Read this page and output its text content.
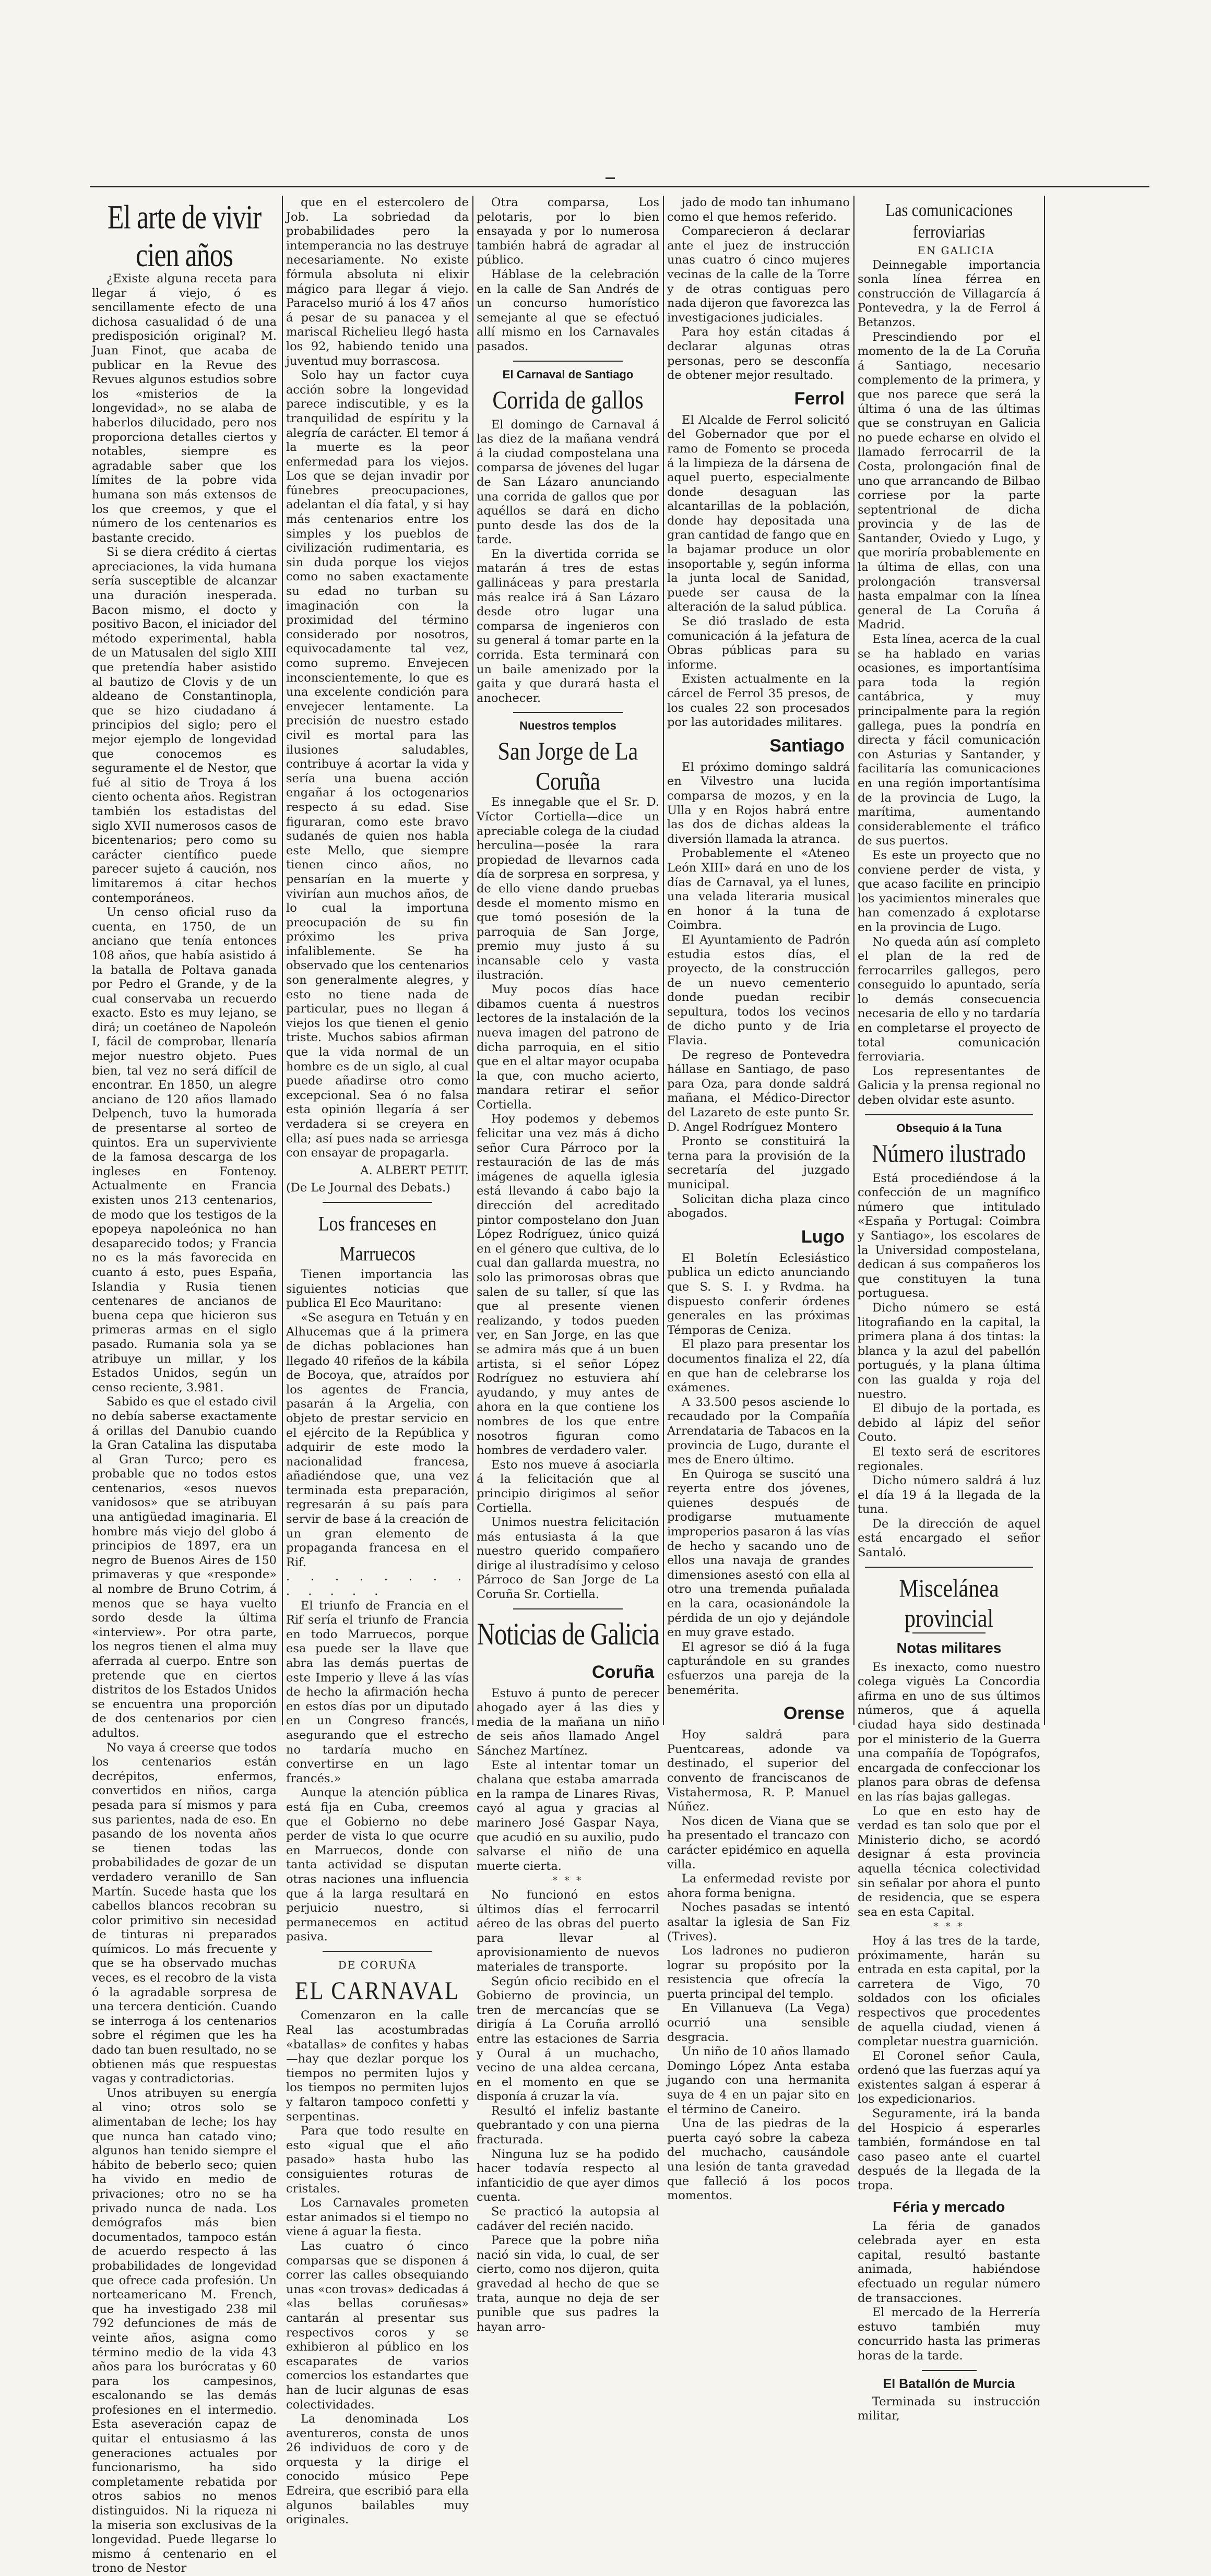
El arte de vivir cien años

¿Existe alguna receta para llegar á viejo, ó es sencillamente efecto de una dichosa casualidad ó de una predisposición original? M. Juan Finot, que acaba de publicar en la Revue des Revues algunos estudios sobre los «misterios de la longevidad», no se alaba de haberlos dilucidado, pero nos proporciona detalles ciertos y notables, siempre es agradable saber que los límites de la pobre vida humana son más extensos de los que creemos, y que el número de los centenarios es bastante crecido.

Si se diera crédito á ciertas apreciaciones, la vida humana sería susceptible de alcanzar una duración inesperada. Bacon mismo, el docto y positivo Bacon, el iniciador del método experimental, habla de un Matusalen del siglo XIII que pretendía haber asistido al bautizo de Clovis y de un aldeano de Constantinopla, que se hizo ciudadano á principios del siglo; pero el mejor ejemplo de longevidad que conocemos es seguramente el de Nestor, que fué al sitio de Troya á los ciento ochenta años. Registran también los estadistas del siglo XVII numerosos casos de bicentenarios; pero como su carácter científico puede parecer sujeto á caución, nos limitaremos á citar hechos contemporáneos.

Un censo oficial ruso da cuenta, en 1750, de un anciano que tenía entonces 108 años, que había asistido á la batalla de Poltava ganada por Pedro el Grande, y de la cual conservaba un recuerdo exacto. Esto es muy lejano, se dirá; un coetáneo de Napoleón I, fácil de comprobar, llenaría mejor nuestro objeto. Pues bien, tal vez no será difícil de encontrar. En 1850, un alegre anciano de 120 años llamado Delpench, tuvo la humorada de presentarse al sorteo de quintos. Era un superviviente de la famosa descarga de los ingleses en Fontenoy. Actualmente en Francia existen unos 213 centenarios, de modo que los testigos de la epopeya napoleónica no han desaparecido todos; y Francia no es la más favorecida en cuanto á esto, pues España, Islandia y Rusia tienen centenares de ancianos de buena cepa que hicieron sus primeras armas en el siglo pasado. Rumania sola ya se atribuye un millar, y los Estados Unidos, según un censo reciente, 3.981.

Sabido es que el estado civil no debía saberse exactamente á orillas del Danubio cuando la Gran Catalina las disputaba al Gran Turco; pero es probable que no todos estos centenarios, «esos nuevos vanidosos» que se atribuyan una antigüedad imaginaria. El hombre más viejo del globo á principios de 1897, era un negro de Buenos Aires de 150 primaveras y que «responde» al nombre de Bruno Cotrim, á menos que se haya vuelto sordo desde la última «interview». Por otra parte, los negros tienen el alma muy aferrada al cuerpo. Entre son pretende que en ciertos distritos de los Estados Unidos se encuentra una proporción de dos centenarios por cien adultos.

No vaya á creerse que todos los centenarios están decrépitos, enfermos, convertidos en niños, carga pesada para sí mismos y para sus parientes, nada de eso. En pasando de los noventa años se tienen todas las probabilidades de gozar de un verdadero veranillo de San Martín. Sucede hasta que los cabellos blancos recobran su color primitivo sin necesidad de tinturas ni preparados químicos. Lo más frecuente y que se ha observado muchas veces, es el recobro de la vista ó la agradable sorpresa de una tercera dentición. Cuando se interroga á los centenarios sobre el régimen que les ha dado tan buen resultado, no se obtienen más que respuestas vagas y contradictorias.

Unos atribuyen su energía al vino; otros solo se alimentaban de leche; los hay que nunca han catado vino; algunos han tenido siempre el hábito de beberlo seco; quien ha vivido en medio de privaciones; otro no se ha privado nunca de nada. Los demógrafos más bien documentados, tampoco están de acuerdo respecto á las probabilidades de longevidad que ofrece cada profesión. Un norteamericano M. French, que ha investigado 238 mil 792 defunciones de más de veinte años, asigna como término medio de la vida 43 años para los burócratas y 60 para los campesinos, escalonando se las demás profesiones en el intermedio. Esta aseveración capaz de quitar el entusiasmo á las generaciones actuales por funcionarismo, ha sido completamente rebatida por otros sabios no menos distinguidos. Ni la riqueza ni la miseria son exclusivas de la longevidad. Puede llegarse lo mismo á centenario en el trono de Nestor

que en el estercolero de Job. La sobriedad da probabilidades pero la intemperancia no las destruye necesariamente. No existe fórmula absoluta ni elixir mágico para llegar á viejo. Paracelso murió á los 47 años á pesar de su panacea y el mariscal Richelieu llegó hasta los 92, habiendo tenido una juventud muy borrascosa.

Solo hay un factor cuya acción sobre la longevidad parece indiscutible, y es la tranquilidad de espíritu y la alegría de carácter. El temor á la muerte es la peor enfermedad para los viejos. Los que se dejan invadir por fúnebres preocupaciones, adelantan el día fatal, y si hay más centenarios entre los simples y los pueblos de civilización rudimentaria, es sin duda porque los viejos como no saben exactamente su edad no turban su imaginación con la proximidad del término considerado por nosotros, equivocadamente tal vez, como supremo. Envejecen inconscientemente, lo que es una excelente condición para envejecer lentamente. La precisión de nuestro estado civil es mortal para las ilusiones saludables, contribuye á acortar la vida y sería una buena acción engañar á los octogenarios respecto á su edad. Sise figuraran, como este bravo sudanés de quien nos habla este Mello, que siempre tienen cinco años, no pensarían en la muerte y vivirían aun muchos años, de lo cual la importuna preocupación de su fin próximo les priva infaliblemente. Se ha observado que los centenarios son generalmente alegres, y esto no tiene nada de particular, pues no llegan á viejos los que tienen el genio triste. Muchos sabios afirman que la vida normal de un hombre es de un siglo, al cual puede añadirse otro como excepcional. Sea ó no falsa esta opinión llegaría á ser verdadera si se creyera en ella; así pues nada se arriesga con ensayar de propagarla.

A. ALBERT PETIT.

(De Le Journal des Debats.)

Los franceses en Marruecos

Tienen importancia las siguientes noticias que publica El Eco Mauritano:

«Se asegura en Tetuán y en Alhucemas que á la primera de dichas poblaciones han llegado 40 rifeños de la kábila de Bocoya, que, atraídos por los agentes de Francia, pasarán á la Argelia, con objeto de prestar servicio en el ejército de la República y adquirir de este modo la nacionalidad francesa, añadiéndose que, una vez terminada esta preparación, regresarán á su país para servir de base á la creación de un gran elemento de propaganda francesa en el Rif.

. . . . . . . . . . . . .

El triunfo de Francia en el Rif sería el triunfo de Francia en todo Marruecos, porque esa puede ser la llave que abra las demás puertas de este Imperio y lleve á las vías de hecho la afirmación hecha en estos días por un diputado en un Congreso francés, asegurando que el estrecho no tardaría mucho en convertirse en un lago francés.»

Aunque la atención pública está fija en Cuba, creemos que el Gobierno no debe perder de vista lo que ocurre en Marruecos, donde con tanta actividad se disputan otras naciones una influencia que á la larga resultará en perjuicio nuestro, si permanecemos en actitud pasiva.

DE CORUÑA

EL CARNAVAL

Comenzaron en la calle Real las acostumbradas «batallas» de confites y habas—hay que dezlar porque los tiempos no permiten lujos y los tiempos no permiten lujos y faltaron tampoco confetti y serpentinas.

Para que todo resulte en esto «igual que el año pasado» hasta hubo las consiguientes roturas de cristales.

Los Carnavales prometen estar animados si el tiempo no viene á aguar la fiesta.

Las cuatro ó cinco comparsas que se disponen á correr las calles obsequiando unas «con trovas» dedicadas á «las bellas coruñesas» cantarán al presentar sus respectivos coros y se exhibieron al público en los escaparates de varios comercios los estandartes que han de lucir algunas de esas colectividades.

La denominada Los aventureros, consta de unos 26 individuos de coro y de orquesta y la dirige el conocido músico Pepe Edreira, que escribió para ella algunos bailables muy originales.

Otra comparsa, Los pelotaris, por lo bien ensayada y por lo numerosa también habrá de agradar al público.

Háblase de la celebración en la calle de San Andrés de un concurso humorístico semejante al que se efectuó allí mismo en los Carnavales pasados.

El Carnaval de Santiago
Corrida de gallos

El domingo de Carnaval á las diez de la mañana vendrá á la ciudad compostelana una comparsa de jóvenes del lugar de San Lázaro anunciando una corrida de gallos que por aquéllos se dará en dicho punto desde las dos de la tarde.

En la divertida corrida se matarán á tres de estas gallináceas y para prestarla más realce irá á San Lázaro desde otro lugar una comparsa de ingenieros con su general á tomar parte en la corrida. Esta terminará con un baile amenizado por la gaita y que durará hasta el anochecer.

Nuestros templos
San Jorge de La Coruña

Es innegable que el Sr. D. Víctor Cortiella—dice un apreciable colega de la ciudad herculina—posée la rara propiedad de llevarnos cada día de sorpresa en sorpresa, y de ello viene dando pruebas desde el momento mismo en que tomó posesión de la parroquia de San Jorge, premio muy justo á su incansable celo y vasta ilustración.

Muy pocos días hace dibamos cuenta á nuestros lectores de la instalación de la nueva imagen del patrono de dicha parroquia, en el sitio que en el altar mayor ocupaba la que, con mucho acierto, mandara retirar el señor Cortiella.

Hoy podemos y debemos felicitar una vez más á dicho señor Cura Párroco por la restauración de las de más imágenes de aquella iglesia está llevando á cabo bajo la dirección del acreditado pintor compostelano don Juan López Rodríguez, único quizá en el género que cultiva, de lo cual dan gallarda muestra, no solo las primorosas obras que salen de su taller, sí que las que al presente vienen realizando, y todos pueden ver, en San Jorge, en las que se admira más que á un buen artista, si el señor López Rodríguez no estuviera ahí ayudando, y muy antes de ahora en la que contiene los nombres de los que entre nosotros figuran como hombres de verdadero valer.

Esto nos mueve á asociarla á la felicitación que al principio dirigimos al señor Cortiella.

Unimos nuestra felicitación más entusiasta á la que nuestro querido compañero dirige al ilustradísimo y celoso Párroco de San Jorge de La Coruña Sr. Cortiella.

Noticias de Galicia
Coruña

Estuvo á punto de perecer ahogado ayer á las dies y media de la mañana un niño de seis años llamado Angel Sánchez Martínez.

Este al intentar tomar un chalana que estaba amarrada en la rampa de Linares Rivas, cayó al agua y gracias al marinero José Gaspar Naya, que acudió en su auxilio, pudo salvarse el niño de una muerte cierta.

* * *

No funcionó en estos últimos días el ferrocarril aéreo de las obras del puerto para llevar al aprovisionamiento de nuevos materiales de transporte.

Según oficio recibido en el Gobierno de provincia, un tren de mercancías que se dirigía á La Coruña arrolló entre las estaciones de Sarria y Oural á un muchacho, vecino de una aldea cercana, en el momento en que se disponía á cruzar la vía.

Resultó el infeliz bastante quebrantado y con una pierna fracturada.

Ninguna luz se ha podido hacer todavía respecto al infanticidio de que ayer dimos cuenta.

Se practicó la autopsia al cadáver del recién nacido.

Parece que la pobre niña nació sin vida, lo cual, de ser cierto, como nos dijeron, quita gravedad al hecho de que se trata, aunque no deja de ser punible que sus padres la hayan arro-

jado de modo tan inhumano como el que hemos referido.

Comparecieron á declarar ante el juez de instrucción unas cuatro ó cinco mujeres vecinas de la calle de la Torre y de otras contiguas pero nada dijeron que favorezca las investigaciones judiciales.

Para hoy están citadas á declarar algunas otras personas, pero se desconfía de obtener mejor resultado.

Ferrol

El Alcalde de Ferrol solicitó del Gobernador que por el ramo de Fomento se proceda á la limpieza de la dársena de aquel puerto, especialmente donde desaguan las alcantarillas de la población, donde hay depositada una gran cantidad de fango que en la bajamar produce un olor insoportable y, según informa la junta local de Sanidad, puede ser causa de la alteración de la salud pública.

Se dió traslado de esta comunicación á la jefatura de Obras públicas para su informe.

Existen actualmente en la cárcel de Ferrol 35 presos, de los cuales 22 son procesados por las autoridades militares.

Santiago

El próximo domingo saldrá en Vilvestro una lucida comparsa de mozos, y en la Ulla y en Rojos habrá entre las dos de dichas aldeas la diversión llamada la atranca.

Probablemente el «Ateneo León XIII» dará en uno de los días de Carnaval, ya el lunes, una velada literaria musical en honor á la tuna de Coimbra.

El Ayuntamiento de Padrón estudia estos días, el proyecto, de la construcción de un nuevo cementerio donde puedan recibir sepultura, todos los vecinos de dicho punto y de Iria Flavia.

De regreso de Pontevedra hállase en Santiago, de paso para Oza, para donde saldrá mañana, el Médico-Director del Lazareto de este punto Sr. D. Angel Rodríguez Montero

Pronto se constituirá la terna para la provisión de la secretaría del juzgado municipal.

Solicitan dicha plaza cinco abogados.

Lugo

El Boletín Eclesiástico publica un edicto anunciando que S. S. I. y Rvdma. ha dispuesto conferir órdenes generales en las próximas Témporas de Ceniza.

El plazo para presentar los documentos finaliza el 22, día en que han de celebrarse los exámenes.

A 33.500 pesos asciende lo recaudado por la Compañía Arrendataria de Tabacos en la provincia de Lugo, durante el mes de Enero último.

En Quiroga se suscitó una reyerta entre dos jóvenes, quienes después de prodigarse mutuamente improperios pasaron á las vías de hecho y sacando uno de ellos una navaja de grandes dimensiones asestó con ella al otro una tremenda puñalada en la cara, ocasionándole la pérdida de un ojo y dejándole en muy grave estado.

El agresor se dió á la fuga capturándole en su grandes esfuerzos una pareja de la benemérita.

Orense

Hoy saldrá para Puentcareas, adonde va destinado, el superior del convento de franciscanos de Vistahermosa, R. P. Manuel Núñez.

Nos dicen de Viana que se ha presentado el trancazo con carácter epidémico en aquella villa.

La enfermedad reviste por ahora forma benigna.

Noches pasadas se intentó asaltar la iglesia de San Fiz (Trives).

Los ladrones no pudieron lograr su propósito por la resistencia que ofrecía la puerta principal del templo.

En Villanueva (La Vega) ocurrió una sensible desgracia.

Un niño de 10 años llamado Domingo López Anta estaba jugando con una hermanita suya de 4 en un pajar sito en el término de Caneiro.

Una de las piedras de la puerta cayó sobre la cabeza del muchacho, causándole una lesión de tanta gravedad que falleció á los pocos momentos.

Las comunicaciones ferroviarias

EN GALICIA

Deinnegable importancia sonla línea férrea en construcción de Villagarcía á Pontevedra, y la de Ferrol á Betanzos.

Prescindiendo por el momento de la de La Coruña á Santiago, necesario complemento de la primera, y que nos parece que será la última ó una de las últimas que se construyan en Galicia no puede echarse en olvido el llamado ferrocarril de la Costa, prolongación final de uno que arrancando de Bilbao corriese por la parte septentrional de dicha provincia y de las de Santander, Oviedo y Lugo, y que moriría probablemente en la última de ellas, con una prolongación transversal hasta empalmar con la línea general de La Coruña á Madrid.

Esta línea, acerca de la cual se ha hablado en varias ocasiones, es importantísima para toda la región cantábrica, y muy principalmente para la región gallega, pues la pondría en directa y fácil comunicación con Asturias y Santander, y facilitaría las comunicaciones en una región importantísima de la provincia de Lugo, la marítima, aumentando considerablemente el tráfico de sus puertos.

Es este un proyecto que no conviene perder de vista, y que acaso facilite en principio los yacimientos minerales que han comenzado á explotarse en la provincia de Lugo.

No queda aún así completo el plan de la red de ferrocarriles gallegos, pero conseguido lo apuntado, sería lo demás consecuencia necesaria de ello y no tardaría en completarse el proyecto de total comunicación ferroviaria.

Los representantes de Galicia y la prensa regional no deben olvidar este asunto.

Obsequio á la Tuna
Número ilustrado

Está procediéndose á la confección de un magnífico número que intitulado «España y Portugal: Coimbra y Santiago», los escolares de la Universidad compostelana, dedican á sus compañeros los que constituyen la tuna portuguesa.

Dicho número se está litografiando en la capital, la primera plana á dos tintas: la blanca y la azul del pabellón portugués, y la plana última con las gualda y roja del nuestro.

El dibujo de la portada, es debido al lápiz del señor Couto.

El texto será de escritores regionales.

Dicho número saldrá á luz el día 19 á la llegada de la tuna.

De la dirección de aquel está encargado el señor Santaló.

Miscelánea provincial
Notas militares

Es inexacto, como nuestro colega viguès La Concordia afirma en uno de sus últimos números, que á aquella ciudad haya sido destinada por el ministerio de la Guerra una compañía de Topógrafos, encargada de confeccionar los planos para obras de defensa en las rías bajas gallegas.

Lo que en esto hay de verdad es tan solo que por el Ministerio dicho, se acordó designar á esta provincia aquella técnica colectividad sin señalar por ahora el punto de residencia, que se espera sea en esta Capital.

* * *

Hoy á las tres de la tarde, próximamente, harán su entrada en esta capital, por la carretera de Vigo, 70 soldados con los oficiales respectivos que procedentes de aquella ciudad, vienen á completar nuestra guarnición.

El Coronel señor Caula, ordenó que las fuerzas aquí ya existentes salgan á esperar á los expedicionarios.

Seguramente, irá la banda del Hospicio á esperarles también, formándose en tal caso paseo ante el cuartel después de la llegada de la tropa.

Féria y mercado

La féria de ganados celebrada ayer en esta capital, resultó bastante animada, habiéndose efectuado un regular número de transacciones.

El mercado de la Herrería estuvo también muy concurrido hasta las primeras horas de la tarde.

El Batallón de Murcia

Terminada su instrucción militar,
